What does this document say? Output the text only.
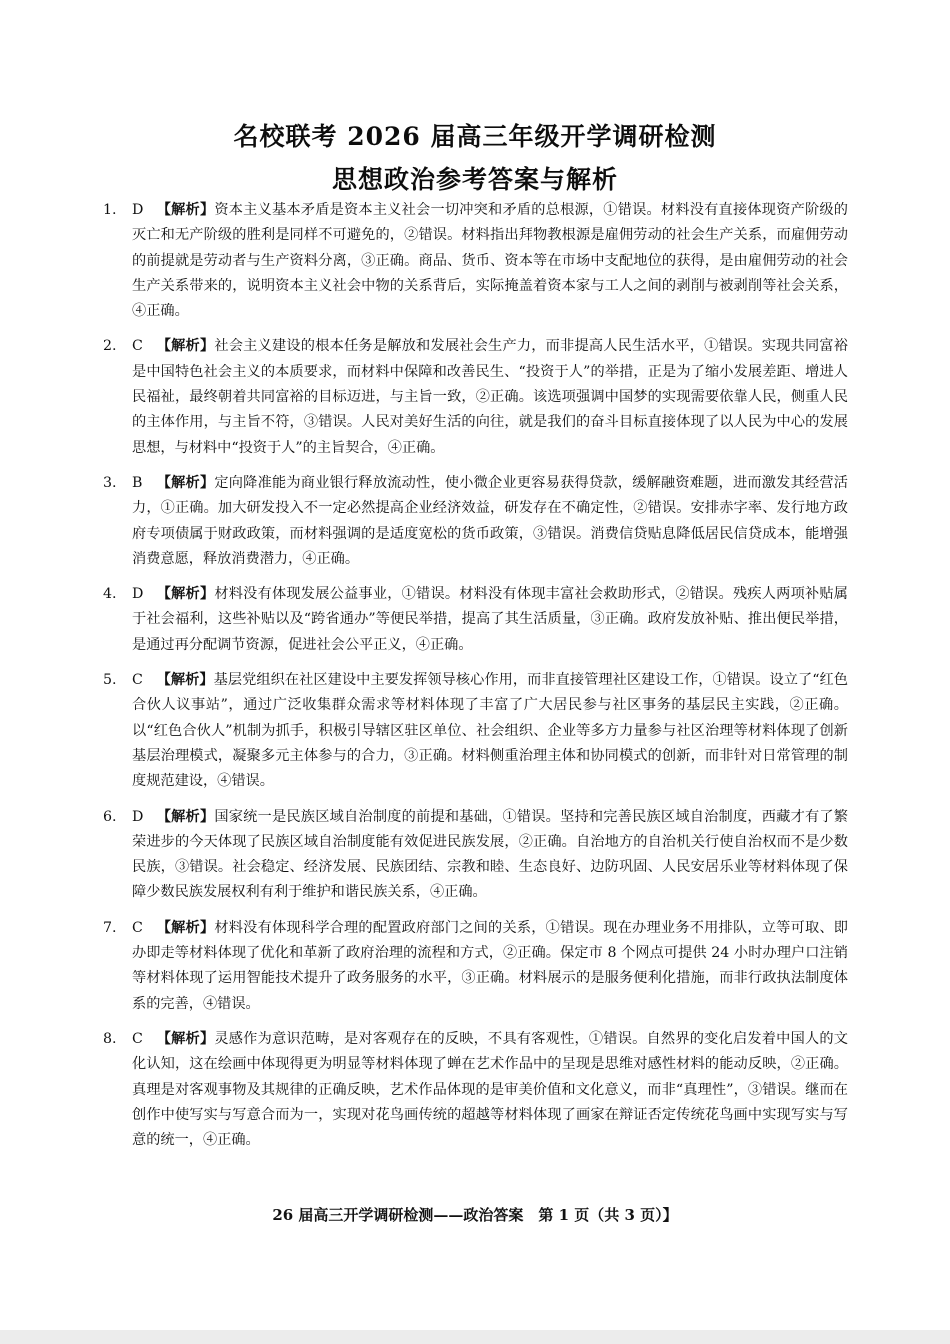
名校联考 2026 届高三年级开学调研检测
思想政治参考答案与解析
1.	D 【解析】资本主义基本矛盾是资本主义社会一切冲突和矛盾的总根源，①错误。材料没有直接体现资产阶级的灭亡和无产阶级的胜利是同样不可避免的，②错误。材料指出拜物教根源是雇佣劳动的社会生产关系，而雇佣劳动的前提就是劳动者与生产资料分离，③正确。商品、货币、资本等在市场中支配地位的获得，是由雇佣劳动的社会生产关系带来的，说明资本主义社会中物的关系背后，实际掩盖着资本家与工人之间的剥削与被剥削等社会关系，④正确。
2.	C 【解析】社会主义建设的根本任务是解放和发展社会生产力，而非提高人民生活水平，①错误。实现共同富裕是中国特色社会主义的本质要求，而材料中保障和改善民生、“投资于人”的举措，正是为了缩小发展差距、增进人民福祉，最终朝着共同富裕的目标迈进，与主旨一致，②正确。该选项强调中国梦的实现需要依靠人民，侧重人民的主体作用，与主旨不符，③错误。人民对美好生活的向往，就是我们的奋斗目标直接体现了以人民为中心的发展思想，与材料中“投资于人”的主旨契合，④正确。
3.	B 【解析】定向降准能为商业银行释放流动性，使小微企业更容易获得贷款，缓解融资难题，进而激发其经营活力，①正确。加大研发投入不一定必然提高企业经济效益，研发存在不确定性，②错误。安排赤字率、发行地方政府专项债属于财政政策，而材料强调的是适度宽松的货币政策，③错误。消费信贷贴息降低居民信贷成本，能增强消费意愿，释放消费潜力，④正确。
4.	D 【解析】材料没有体现发展公益事业，①错误。材料没有体现丰富社会救助形式，②错误。残疾人两项补贴属于社会福利，这些补贴以及“跨省通办”等便民举措，提高了其生活质量，③正确。政府发放补贴、推出便民举措，是通过再分配调节资源，促进社会公平正义，④正确。
5.	C 【解析】基层党组织在社区建设中主要发挥领导核心作用，而非直接管理社区建设工作，①错误。设立了“红色合伙人议事站”，通过广泛收集群众需求等材料体现了丰富了广大居民参与社区事务的基层民主实践，②正确。以“红色合伙人”机制为抓手，积极引导辖区驻区单位、社会组织、企业等多方力量参与社区治理等材料体现了创新基层治理模式，凝聚多元主体参与的合力，③正确。材料侧重治理主体和协同模式的创新，而非针对日常管理的制度规范建设，④错误。
6.	D 【解析】国家统一是民族区域自治制度的前提和基础，①错误。坚持和完善民族区域自治制度，西藏才有了繁荣进步的今天体现了民族区域自治制度能有效促进民族发展，②正确。自治地方的自治机关行使自治权而不是少数民族，③错误。社会稳定、经济发展、民族团结、宗教和睦、生态良好、边防巩固、人民安居乐业等材料体现了保障少数民族发展权利有利于维护和谐民族关系，④正确。
7.	C 【解析】材料没有体现科学合理的配置政府部门之间的关系，①错误。现在办理业务不用排队，立等可取、即办即走等材料体现了优化和革新了政府治理的流程和方式，②正确。保定市 8 个网点可提供 24 小时办理户口注销等材料体现了运用智能技术提升了政务服务的水平，③正确。材料展示的是服务便利化措施，而非行政执法制度体系的完善，④错误。
8.	C 【解析】灵感作为意识范畴，是对客观存在的反映，不具有客观性，①错误。自然界的变化启发着中国人的文化认知，这在绘画中体现得更为明显等材料体现了蝉在艺术作品中的呈现是思维对感性材料的能动反映，②正确。真理是对客观事物及其规律的正确反映，艺术作品体现的是审美价值和文化意义，而非“真理性”，③错误。继而在创作中使写实与写意合而为一，实现对花鸟画传统的超越等材料体现了画家在辩证否定传统花鸟画中实现写实与写意的统一，④正确。
26 届高三开学调研检测——政治答案　第 1 页（共 3 页）】
